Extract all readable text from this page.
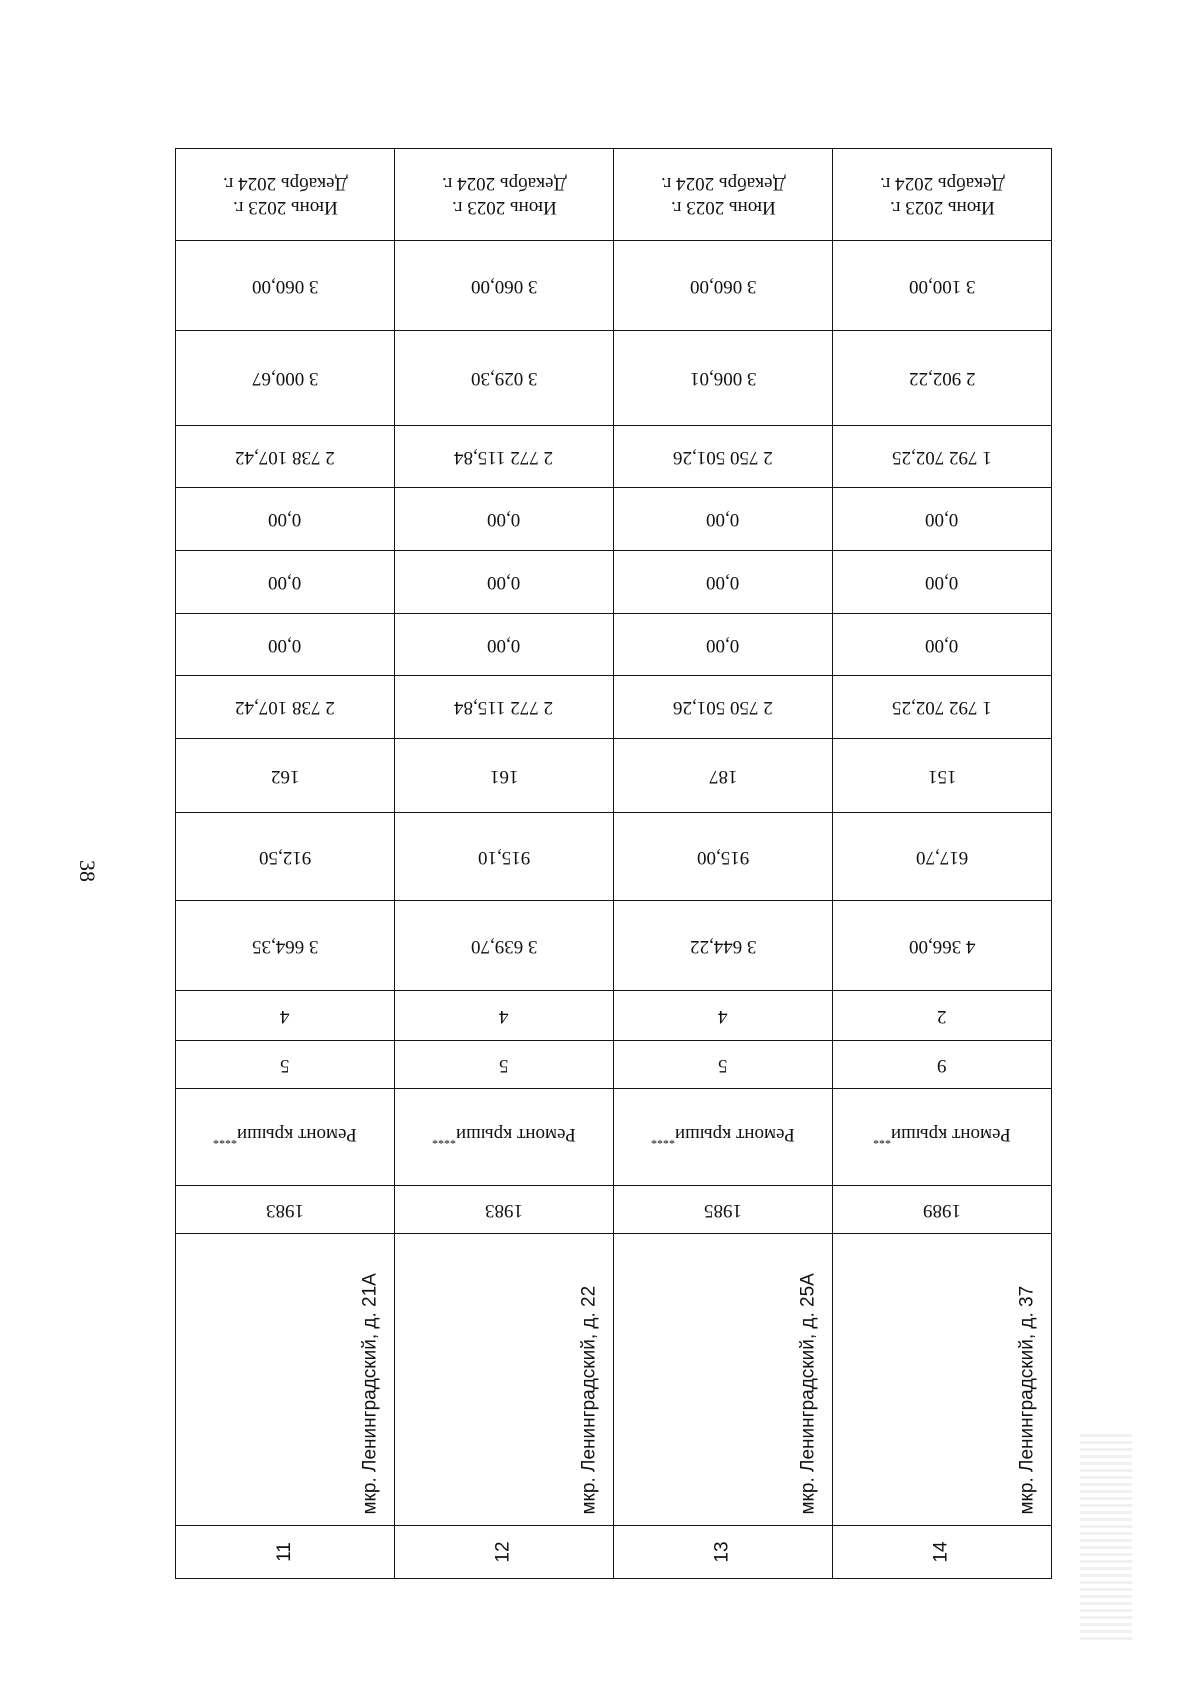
38
Июнь 2023 г.
Декабрь 2024 г.
3 060,00
3 000,67
2 738 107,42
0,00
0,00
0,00
2 738 107,42
162
912,50
3 664,35
4
5
Ремонт крыши****
1983
мкр. Ленинградский, д. 21А
11
Июнь 2023 г.
Декабрь 2024 г.
3 060,00
3 029,30
2 772 115,84
0,00
0,00
0,00
2 772 115,84
161
915,10
3 639,70
4
5
Ремонт крыши****
1983
мкр. Ленинградский, д. 22
12
Июнь 2023 г.
Декабрь 2024 г.
3 060,00
3 006,01
2 750 501,26
0,00
0,00
0,00
2 750 501,26
187
915,00
3 644,22
4
5
Ремонт крыши****
1985
мкр. Ленинградский, д. 25А
13
Июнь 2023 г.
Декабрь 2024 г.
3 100,00
2 902,22
1 792 702,25
0,00
0,00
0,00
1 792 702,25
151
617,70
4 366,00
2
9
Ремонт крыши***
1989
мкр. Ленинградский, д. 37
14
